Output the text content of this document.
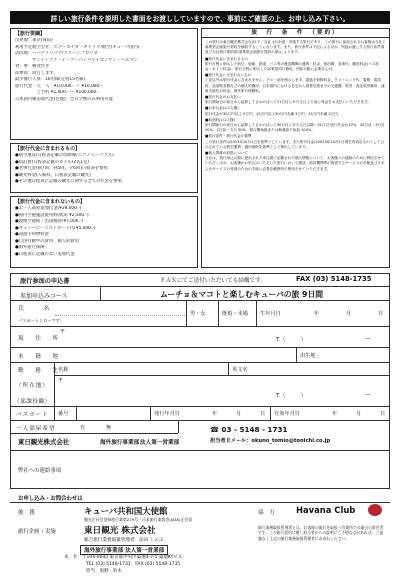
詳しい旅行条件を説明した書面をお渡ししていますので、事前にご確認の上、お申し込み下さい。
【旅行要綱】
出発地：東京(成田)
利用予定航空会社：エアーカナダ・キャリア/航空(キューバ国内)
訪問地：ハバナ / ハバナ/グリーンフロリダ
　　　　サンティアゴ・デ・クーバ / バラデロ / サン・ヘルマン
食　事：朝食付き
添乗員：同行します。
最少催行人員：10名様(定員15名様)
旅行代金：大　人　¥10,000.- ～ ¥10,000.-
　　　　　ご予約 ¥1,000.- ～ ¥100,000.-
日本国内線追加代金(往復)：全日空便のみ利用可能
【旅行代金に含まれるもの】
●航空運賃(日程表記載の国際線/エコノミークラス)
●宿泊費(日程表記載のホテル/2名1室)
●食事代金(朝7回、昼5回、夕6回)日程表を参照
●観光料金(入場料、日程表記載の観光)
●その他日程表に記載の観光に関する全ての代金を参照
【旅行代金に含まれないもの】
●お一人部屋追加代金(¥39,000.-)
●国内空港施設使用料(成田 ¥2,500.-)
●現地空港税・出国税(約¥7,000.-)
●キューバツーリストカード代(¥5,000.-)
●超過手荷物料金
●自由行動中の費用、個人的費用
●海外旅行保険
●日程表に記載のない追加代金
旅　行　条　件　（要約）
この旅行は東日観光株式会社(以下「当社」)が企画・実施する旅行であり、この旅行に参加されるお客様は当社と募集型企画旅行契約を締結することになります。また、旅行条件は下記によるほか、別途お渡しする旅行条件書及び当社旅行業約款(募集型企画旅行契約の部)によります。
■旅行代金に含まれるもの
旅行日程に明示した航空、船舶、鉄道、バス等の運送機関の運賃・料金、宿泊費、食事代、観光料金(バス料金・ガイド料金)、旅行日程に明示した添乗員同行費用、団体行動に必要な心付。
■旅行代金に含まれないもの
上記以外は旅行代金に含まれません。その一部を例示します。超過手荷物料金、クリーニング代、電報・電話料、追加飲食費などの個人的費用、日本国内における自宅から発着空港までの交通費、旅券・査証取得費用、渡航手続代行料金、海外旅行保険料。
■旅行代金のお支払い
旅行開始日の前日から起算してさかのぼって21日目にあたる日より前に残金をお支払いいただきます。
■お申込金(お1人様)
旅行代金が30万円以上 5万円、15万円以上30万円未満 3万円、15万円未満 2万円。
■取消料(お1人様)
旅行開始日の前日から起算してさかのぼって40日目にあたる日以降〜31日目 旅行代金の10%、30日目〜3日目 20%、2日前〜当日 50%、旅行開始後または無連絡不参加 100%。
■旅行条件・旅行代金の基準
この旅行条件は2013年10月1日を基準としています。また旅行代金は2013年10月1日現在有効なものとして公示されている航空運賃・適用規則を基準として算出しています。
■個人情報の取扱について
当社は、旅行申込の際に提出された申込書に記載された個人情報について、お客様との連絡のために利用させていただくほか、お客様がお申込みいただいた旅行において運送・宿泊機関等の提供するサービスの手配及びそれらのサービスの受領のための手続に必要な範囲内で利用させていただきます。
旅行参加の申込書	ＦＡＸにてご送付いただいても結構です。	FAX (03) 5148-1735
参加申込みコース	ムーチョ＆マコトと楽しむキューバの旅 9日間
氏　　名
パスポート上ローマ字
男・女	既婚・未婚 生年月日	年	月	日
現　住　所
〒
T.（　　　）	—
本　籍　地	出生地
勤　務　先
（所在地）
（部課役職）
名称	英文名
〒
T.（　　　）	—
パスポート 番号	発行年月日	年	月	日 有効年月日	年	月	日
一人部屋希望	有	無
東日観光株式会社	海外旅行事業部 法人第一営業部
☎ 03 - 5148 - 1731
担当者Ｅメール：okuno_tomio@tonichi.co.jp
弊社への連絡事項
お申し込み・お問合わせは
後　援	キューバ共和国大使館
観光庁長官登録旅行業第279号・日本旅行業協会(JATA)正会員
協　力	Havana Club
旅行企画・実施	東日観光 株式会社
総合旅行業務取扱管理者：前田 しのぶ
海外旅行事業部 法人第一営業部
本　社：〒104-0045 東京都中央区築地4-7-5 築地KYビル
TEL (03) 5148-1731　FAX (03) 5148-1735
担当：奥野・鈴木
旅行業務取扱管理者とは、お客様の旅行を取扱う営業所での取引の責任者です。この旅行契約に関し担当者からの説明にご不明な点があれば、ご遠慮なく上記の旅行業務取扱管理者にお尋ねください。
